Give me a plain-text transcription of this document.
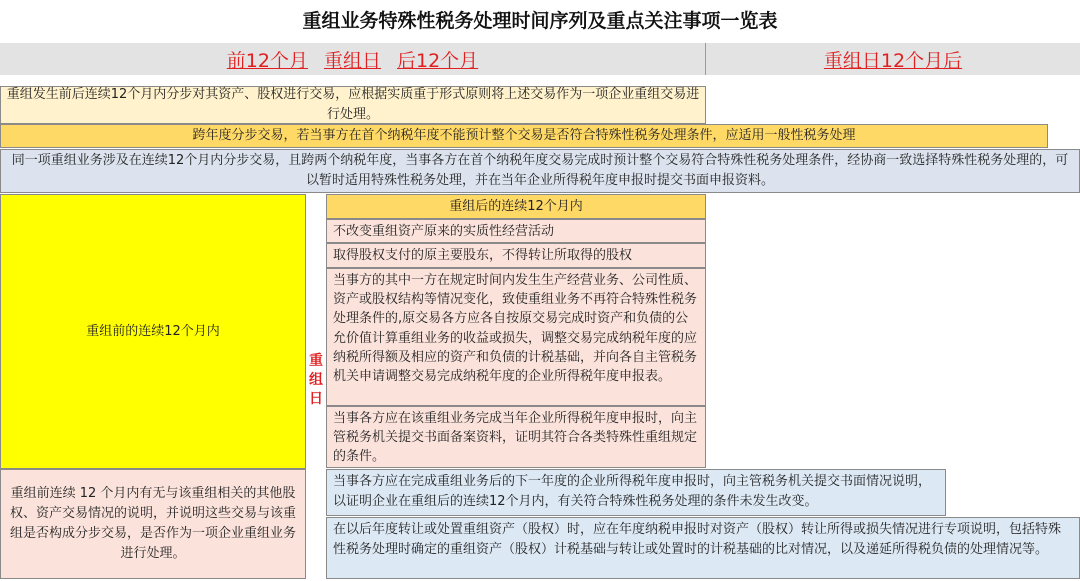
重组业务特殊性税务处理时间序列及重点关注事项一览表
前12个月 重组日 后12个月	重组日12个月后
重组发生前后连续12个月内分步对其资产、股权进行交易，应根据实质重于形式原则将上述交易作为一项企业重组交易进行处理。
跨年度分步交易，若当事方在首个纳税年度不能预计整个交易是否符合特殊性税务处理条件，应适用一般性税务处理
同一项重组业务涉及在连续12个月内分步交易，且跨两个纳税年度，当事各方在首个纳税年度交易完成时预计整个交易符合特殊性税务处理条件，经协商一致选择特殊性税务处理的，可以暂时适用特殊性税务处理，并在当年企业所得税年度申报时提交书面申报资料。
重组前的连续12个月内
重组前连续 12 个月内有无与该重组相关的其他股权、资产交易情况的说明，并说明这些交易与该重组是否构成分步交易，是否作为一项企业重组业务进行处理。
重组日
重组后的连续12个月内
不改变重组资产原来的实质性经营活动
取得股权支付的原主要股东，不得转让所取得的股权
当事方的其中一方在规定时间内发生生产经营业务、公司性质、资产或股权结构等情况变化，致使重组业务不再符合特殊性税务处理条件的,原交易各方应各自按原交易完成时资产和负债的公允价值计算重组业务的收益或损失，调整交易完成纳税年度的应纳税所得额及相应的资产和负债的计税基础，并向各自主管税务机关申请调整交易完成纳税年度的企业所得税年度申报表。
当事各方应在该重组业务完成当年企业所得税年度申报时，向主管税务机关提交书面备案资料，证明其符合各类特殊性重组规定的条件。
当事各方应在完成重组业务后的下一年度的企业所得税年度申报时，向主管税务机关提交书面情况说明，以证明企业在重组后的连续12个月内，有关符合特殊性税务处理的条件未发生改变。
在以后年度转让或处置重组资产（股权）时，应在年度纳税申报时对资产（股权）转让所得或损失情况进行专项说明，包括特殊性税务处理时确定的重组资产（股权）计税基础与转让或处置时的计税基础的比对情况，以及递延所得税负债的处理情况等。
